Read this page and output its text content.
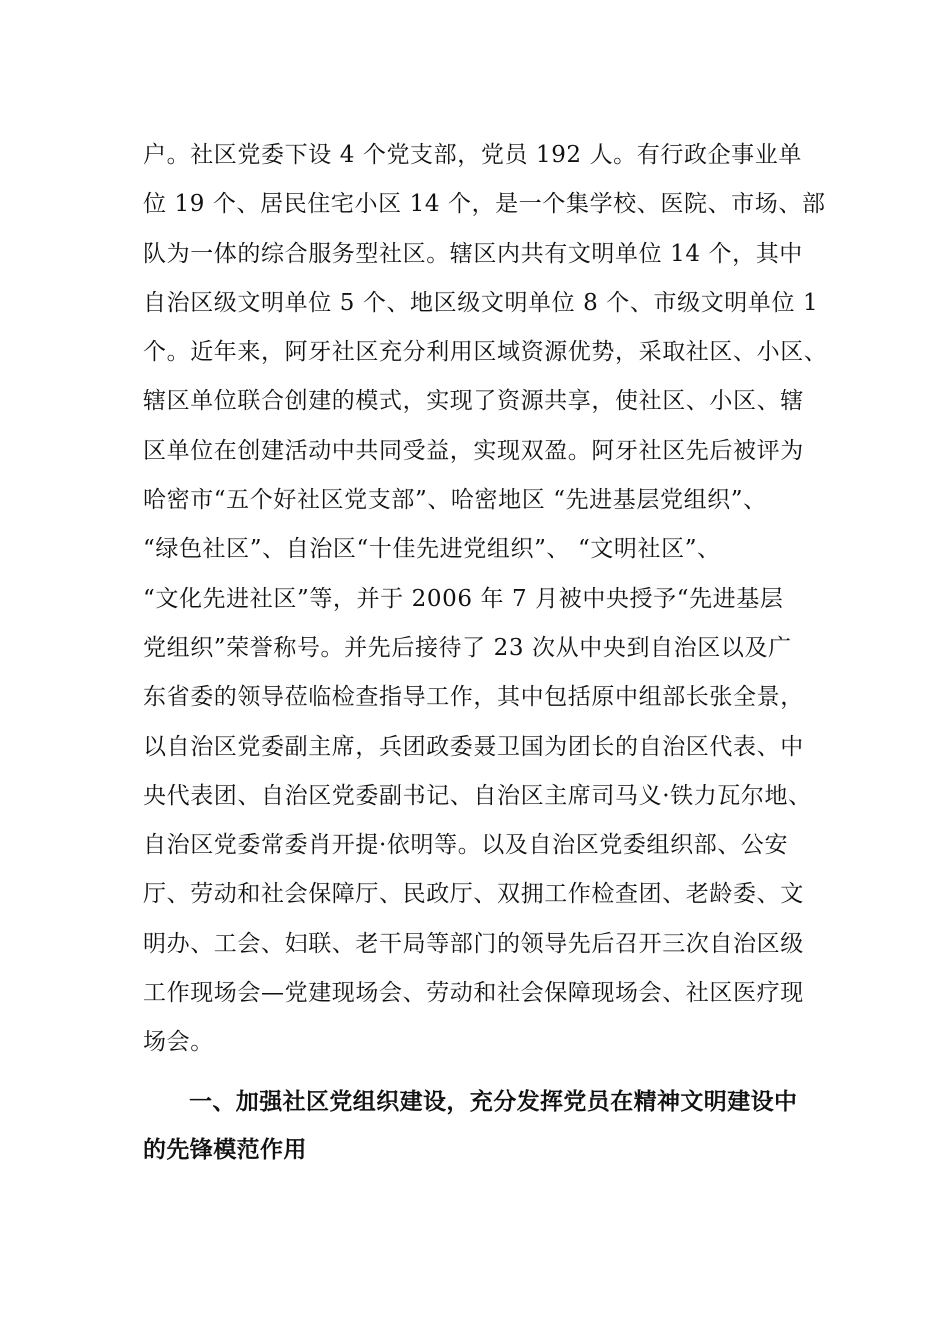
户。社区党委下设 4 个党支部，党员 192 人。有行政企事业单
位 19 个、居民住宅小区 14 个，是一个集学校、医院、市场、部
队为一体的综合服务型社区。辖区内共有文明单位 14 个，其中
自治区级文明单位 5 个、地区级文明单位 8 个、市级文明单位 1
个。近年来，阿牙社区充分利用区域资源优势，采取社区、小区、
辖区单位联合创建的模式，实现了资源共享，使社区、小区、辖
区单位在创建活动中共同受益，实现双盈。阿牙社区先后被评为
哈密市“五个好社区党支部”、哈密地区 “先进基层党组织”、
“绿色社区”、自治区“十佳先进党组织”、 “文明社区”、
“文化先进社区”等，并于 2006 年 7 月被中央授予“先进基层
党组织”荣誉称号。并先后接待了 23 次从中央到自治区以及广
东省委的领导莅临检查指导工作，其中包括原中组部长张全景，
以自治区党委副主席，兵团政委聂卫国为团长的自治区代表、中
央代表团、自治区党委副书记、自治区主席司马义·铁力瓦尔地、
自治区党委常委肖开提·依明等。以及自治区党委组织部、公安
厅、劳动和社会保障厅、民政厅、双拥工作检查团、老龄委、文
明办、工会、妇联、老干局等部门的领导先后召开三次自治区级
工作现场会—党建现场会、劳动和社会保障现场会、社区医疗现
场会。
一、加强社区党组织建设，充分发挥党员在精神文明建设中
的先锋模范作用
